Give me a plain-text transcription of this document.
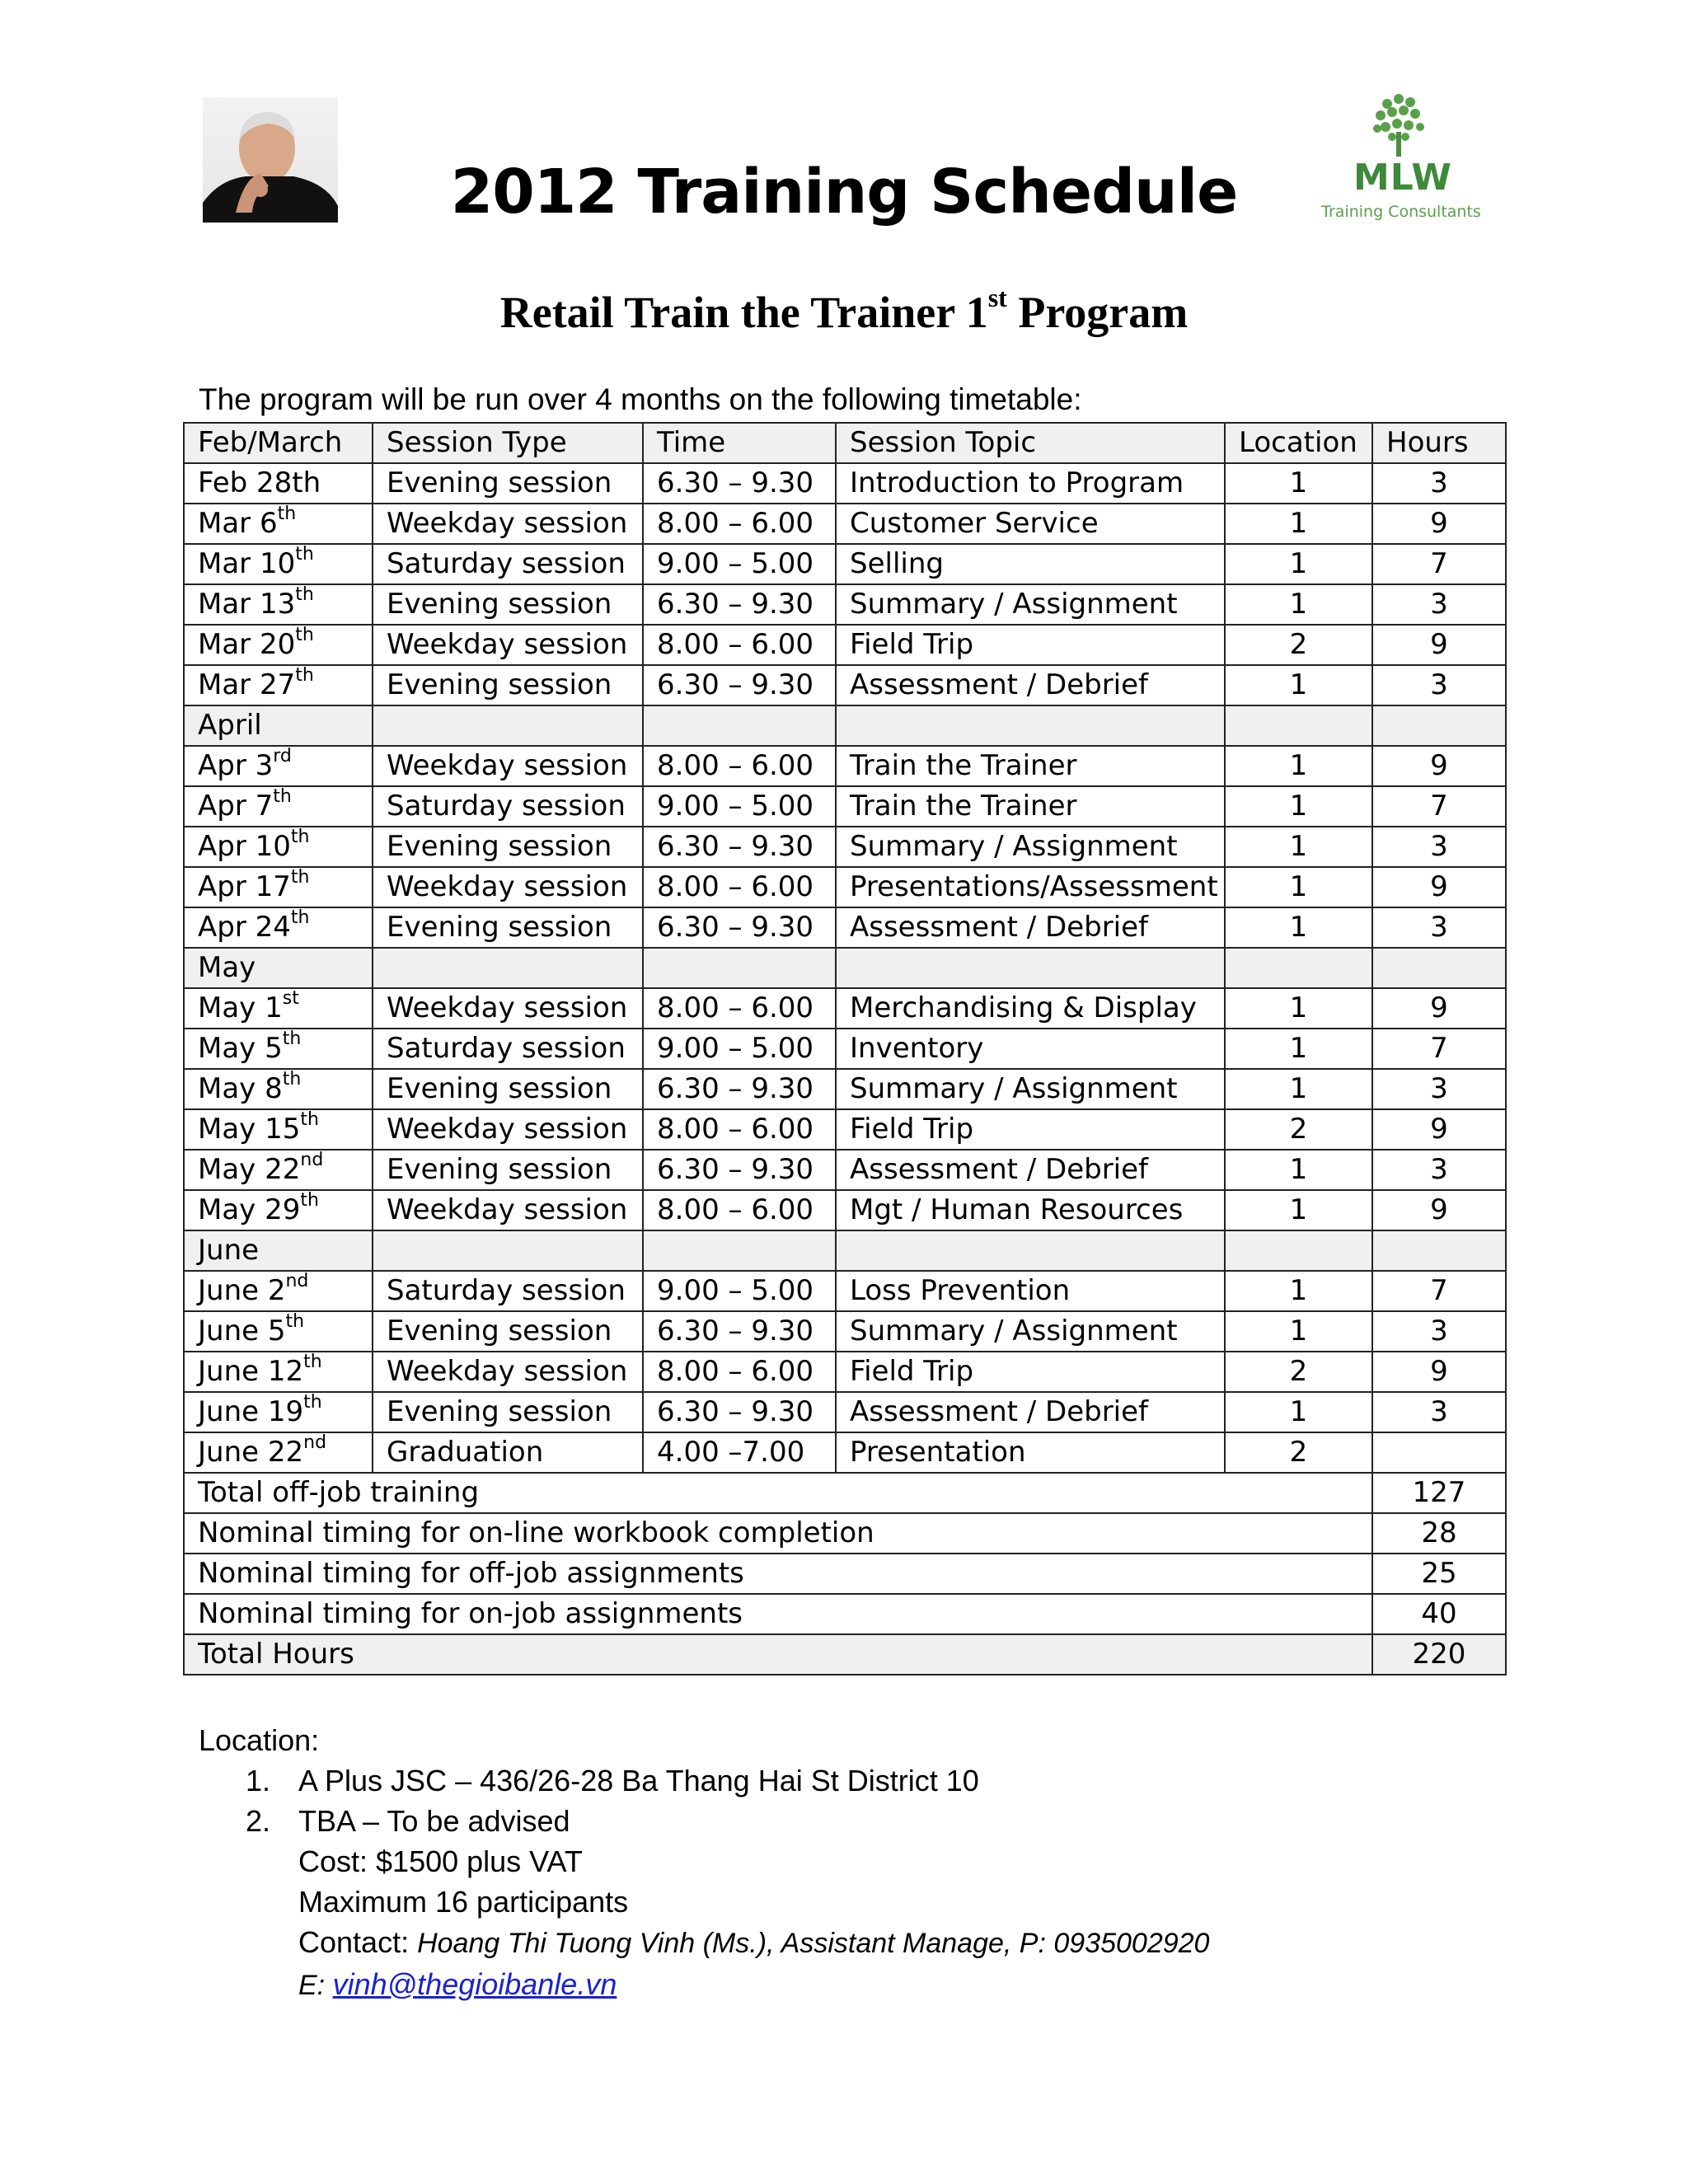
MLW
Training Consultants
2012 Training Schedule
Retail Train the Trainer 1st Program
The program will be run over 4 months on the following timetable:
Feb/March	Session Type	Time	Session Topic	Location	Hours
Feb 28th	Evening session	6.30 – 9.30	Introduction to Program	1	3
Mar 6th	Weekday session	8.00 – 6.00	Customer Service	1	9
Mar 10th	Saturday session	9.00 – 5.00	Selling	1	7
Mar 13th	Evening session	6.30 – 9.30	Summary / Assignment	1	3
Mar 20th	Weekday session	8.00 – 6.00	Field Trip	2	9
Mar 27th	Evening session	6.30 – 9.30	Assessment / Debrief	1	3
April					
Apr 3rd	Weekday session	8.00 – 6.00	Train the Trainer	1	9
Apr 7th	Saturday session	9.00 – 5.00	Train the Trainer	1	7
Apr 10th	Evening session	6.30 – 9.30	Summary / Assignment	1	3
Apr 17th	Weekday session	8.00 – 6.00	Presentations/Assessment	1	9
Apr 24th	Evening session	6.30 – 9.30	Assessment / Debrief	1	3
May					
May 1st	Weekday session	8.00 – 6.00	Merchandising & Display	1	9
May 5th	Saturday session	9.00 – 5.00	Inventory	1	7
May 8th	Evening session	6.30 – 9.30	Summary / Assignment	1	3
May 15th	Weekday session	8.00 – 6.00	Field Trip	2	9
May 22nd	Evening session	6.30 – 9.30	Assessment / Debrief	1	3
May 29th	Weekday session	8.00 – 6.00	Mgt / Human Resources	1	9
June					
June 2nd	Saturday session	9.00 – 5.00	Loss Prevention	1	7
June 5th	Evening session	6.30 – 9.30	Summary / Assignment	1	3
June 12th	Weekday session	8.00 – 6.00	Field Trip	2	9
June 19th	Evening session	6.30 – 9.30	Assessment / Debrief	1	3
June 22nd	Graduation	4.00 –7.00	Presentation	2	
Total off-job training					127
Nominal timing for on-line workbook completion					28
Nominal timing for off-job assignments					25
Nominal timing for on-job assignments					40
Total Hours					220
Location:
1. A Plus JSC – 436/26-28 Ba Thang Hai St District 10
2. TBA – To be advised
Cost: $1500 plus VAT
Maximum 16 participants
Contact: Hoang Thi Tuong Vinh (Ms.), Assistant Manage, P: 0935002920
E: vinh@thegioibanle.vn
